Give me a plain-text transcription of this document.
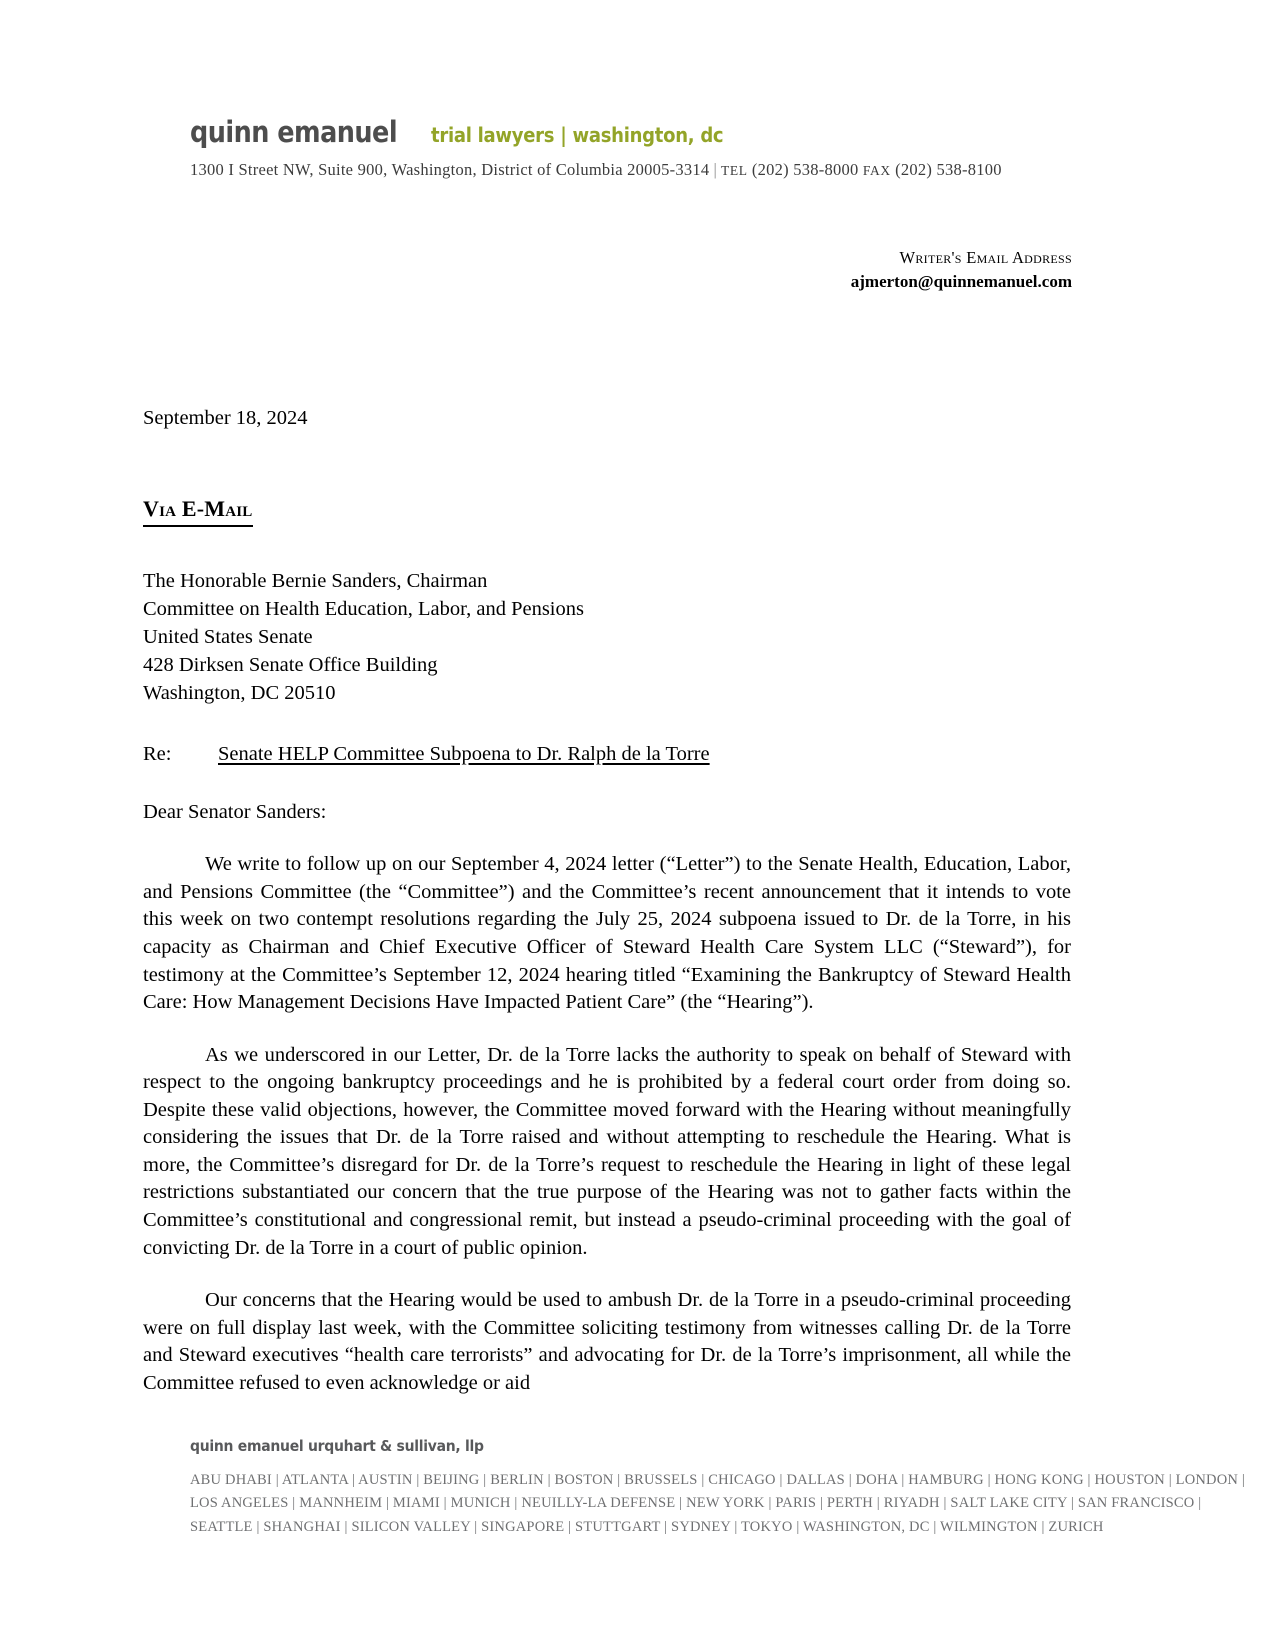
quinn emanuel trial lawyers | washington, dc
1300 I Street NW, Suite 900, Washington, District of Columbia 20005-3314 | TEL (202) 538-8000 FAX (202) 538-8100
Writer's Email Address
ajmerton@quinnemanuel.com
September 18, 2024
Via E-Mail
The Honorable Bernie Sanders, Chairman
Committee on Health Education, Labor, and Pensions
United States Senate
428 Dirksen Senate Office Building
Washington, DC 20510
Re:	Senate HELP Committee Subpoena to Dr. Ralph de la Torre
Dear Senator Sanders:

We write to follow up on our September 4, 2024 letter (“Letter”) to the Senate Health, Education, Labor, and Pensions Committee (the “Committee”) and the Committee’s recent announcement that it intends to vote this week on two contempt resolutions regarding the July 25, 2024 subpoena issued to Dr. de la Torre, in his capacity as Chairman and Chief Executive Officer of Steward Health Care System LLC (“Steward”), for testimony at the Committee’s September 12, 2024 hearing titled “Examining the Bankruptcy of Steward Health Care: How Management Decisions Have Impacted Patient Care” (the “Hearing”).

As we underscored in our Letter, Dr. de la Torre lacks the authority to speak on behalf of Steward with respect to the ongoing bankruptcy proceedings and he is prohibited by a federal court order from doing so. Despite these valid objections, however, the Committee moved forward with the Hearing without meaningfully considering the issues that Dr. de la Torre raised and without attempting to reschedule the Hearing. What is more, the Committee’s disregard for Dr. de la Torre’s request to reschedule the Hearing in light of these legal restrictions substantiated our concern that the true purpose of the Hearing was not to gather facts within the Committee’s constitutional and congressional remit, but instead a pseudo-criminal proceeding with the goal of convicting Dr. de la Torre in a court of public opinion.

Our concerns that the Hearing would be used to ambush Dr. de la Torre in a pseudo-criminal proceeding were on full display last week, with the Committee soliciting testimony from witnesses calling Dr. de la Torre and Steward executives “health care terrorists” and advocating for Dr. de la Torre’s imprisonment, all while the Committee refused to even acknowledge or aid

quinn emanuel urquhart & sullivan, llp
ABU DHABI | ATLANTA | AUSTIN | BEIJING | BERLIN | BOSTON | BRUSSELS | CHICAGO | DALLAS | DOHA | HAMBURG | HONG KONG | HOUSTON | LONDON |
LOS ANGELES | MANNHEIM | MIAMI | MUNICH | NEUILLY-LA DEFENSE | NEW YORK | PARIS | PERTH | RIYADH | SALT LAKE CITY | SAN FRANCISCO |
SEATTLE | SHANGHAI | SILICON VALLEY | SINGAPORE | STUTTGART | SYDNEY | TOKYO | WASHINGTON, DC | WILMINGTON | ZURICH
